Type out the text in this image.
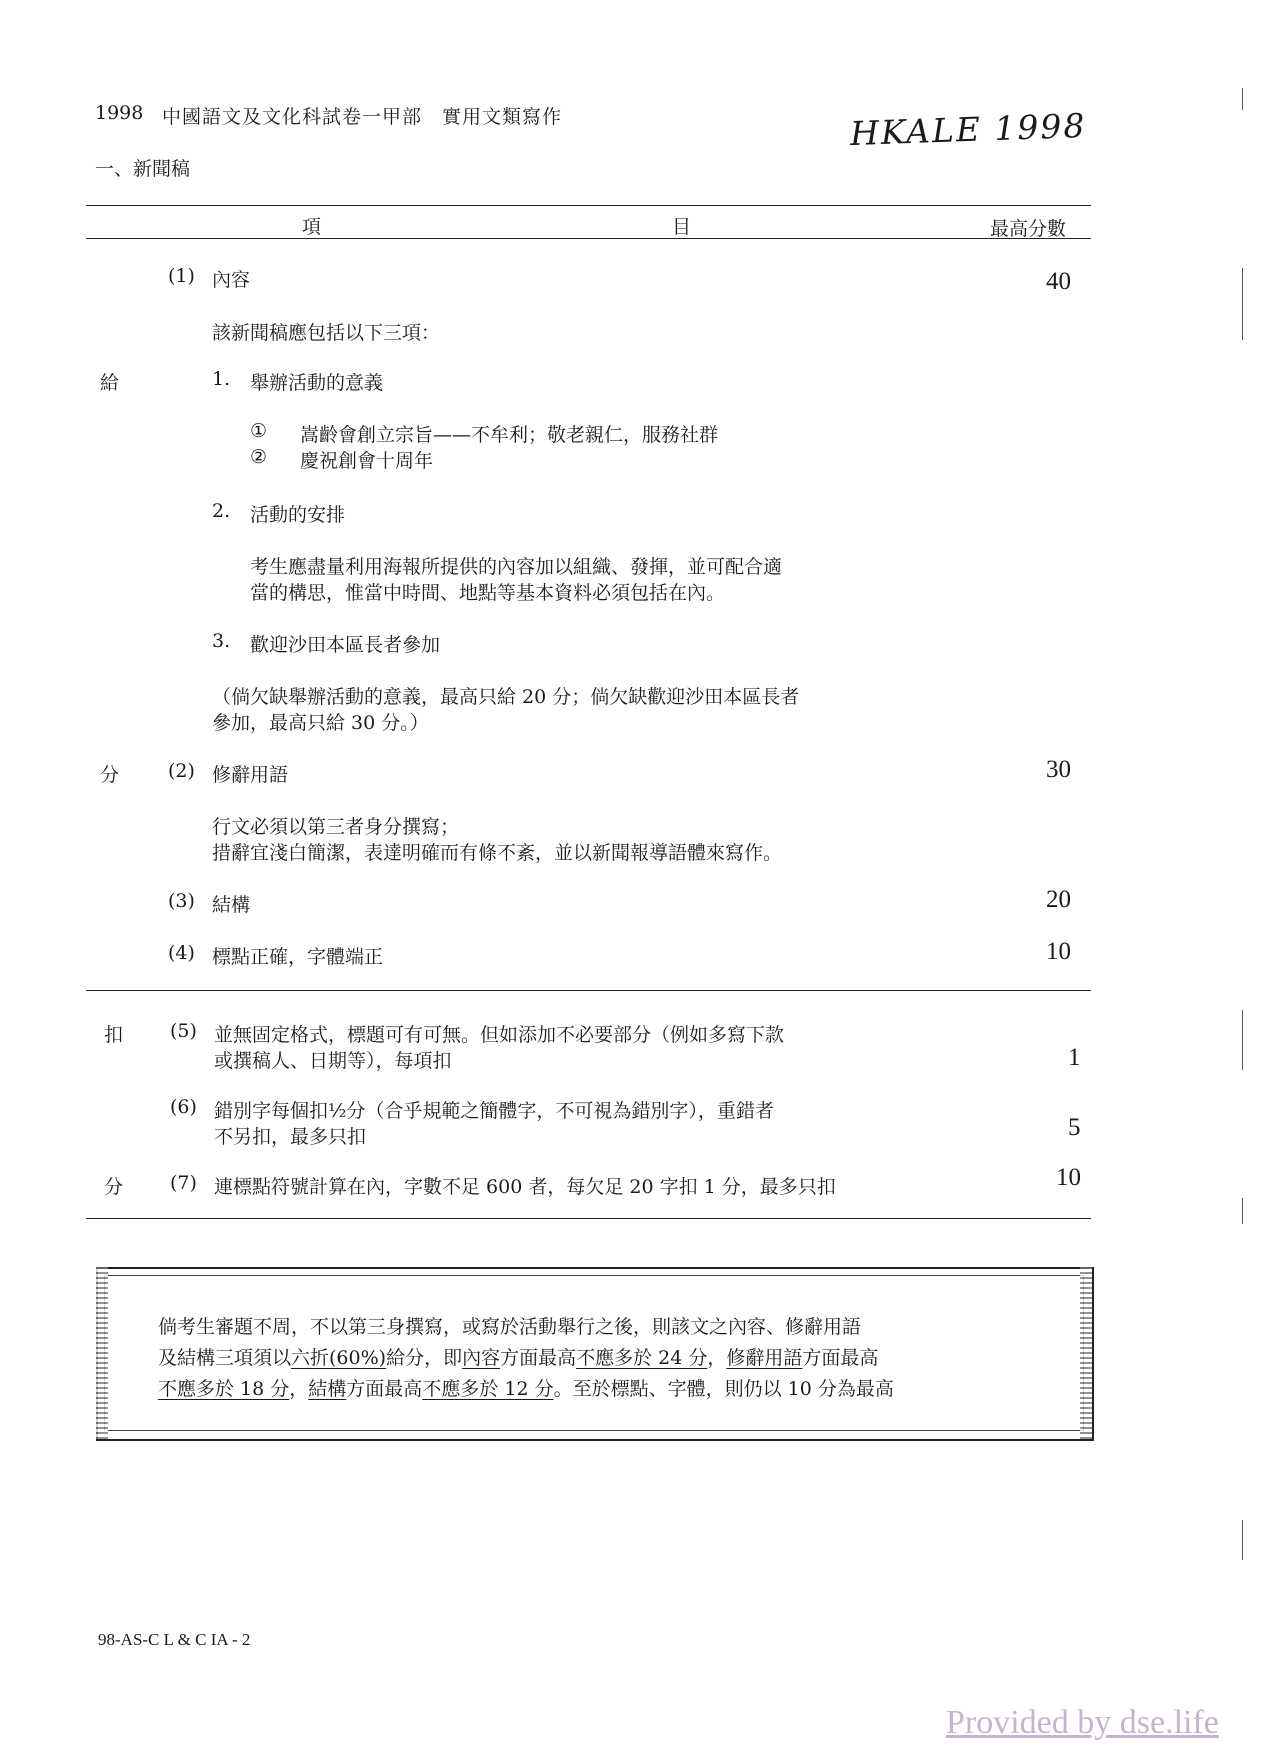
1998 中國語文及文化科試卷一甲部　實用文類寫作	HKALE 1998
一、新聞稿
項	目	最高分數
給
分
扣
分
(1) 內容	40
該新聞稿應包括以下三項：
1. 舉辦活動的意義
① 嵩齡會創立宗旨——不牟利；敬老親仁，服務社群
② 慶祝創會十周年
2. 活動的安排
考生應盡量利用海報所提供的內容加以組織、發揮，並可配合適
當的構思，惟當中時間、地點等基本資料必須包括在內。
3. 歡迎沙田本區長者參加
（倘欠缺舉辦活動的意義，最高只給 20 分；倘欠缺歡迎沙田本區長者
參加，最高只給 30 分。）
(2) 修辭用語	30
行文必須以第三者身分撰寫；
措辭宜淺白簡潔，表達明確而有條不紊，並以新聞報導語體來寫作。
(3) 結構	20
(4) 標點正確，字體端正	10
(5) 並無固定格式，標題可有可無。但如添加不必要部分（例如多寫下款
或撰稿人、日期等），每項扣	1
(6) 錯別字每個扣½分（合乎規範之簡體字，不可視為錯別字），重錯者
不另扣，最多只扣	5
(7) 連標點符號計算在內，字數不足 600 者，每欠足 20 字扣 1 分，最多只扣	10
倘考生審題不周，不以第三身撰寫，或寫於活動舉行之後，則該文之內容、修辭用語
及結構三項須以六折(60%)給分，即內容方面最高不應多於 24 分，修辭用語方面最高
不應多於 18 分，結構方面最高不應多於 12 分。至於標點、字體，則仍以 10 分為最高
98-AS-C L & C IA - 2
Provided by dse.life
